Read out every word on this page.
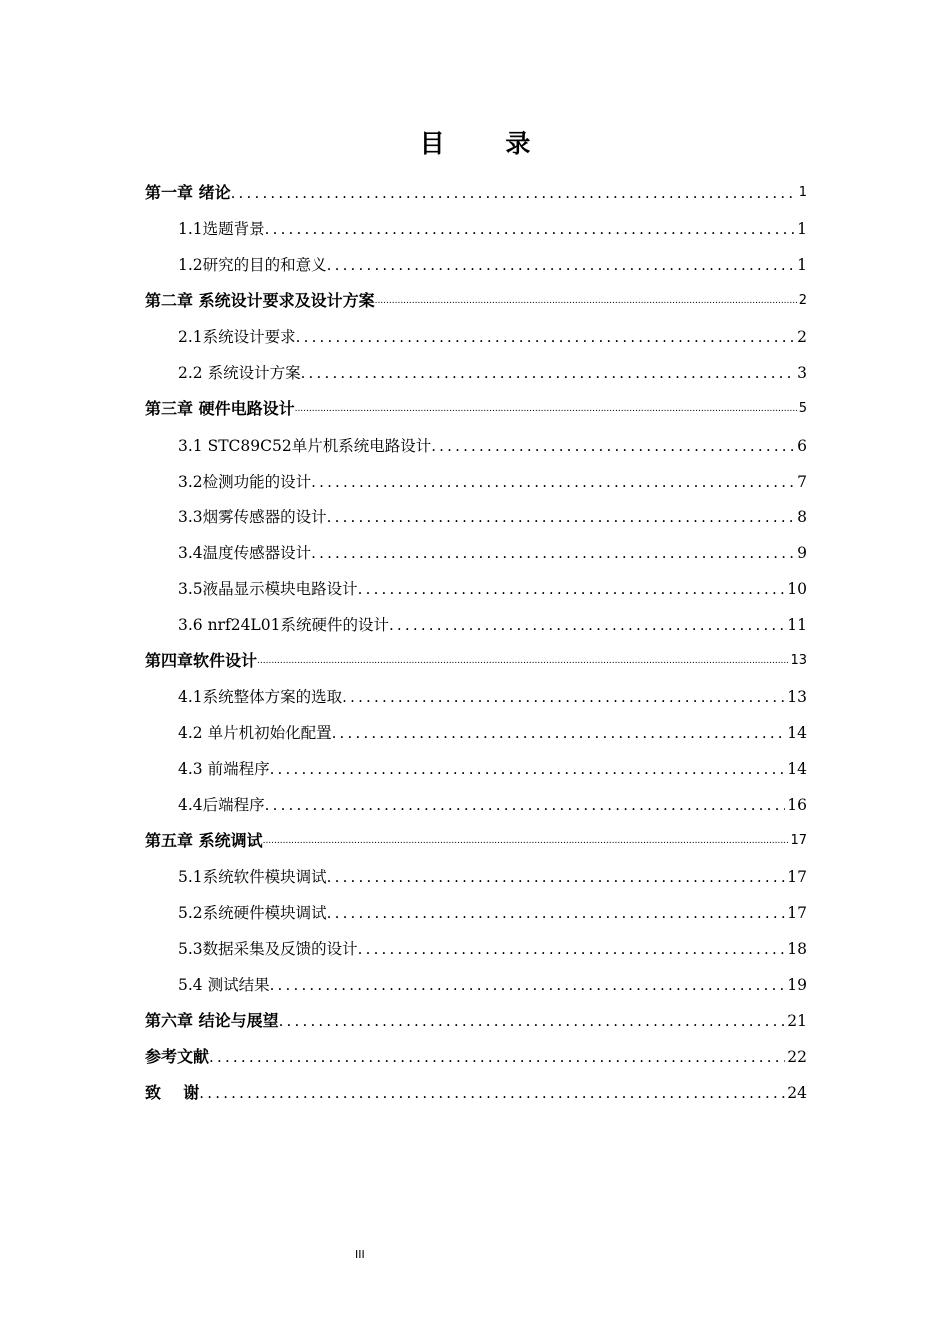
目 录
第一章 绪论 .....	1
1.1选题背景 .....	1
1.2研究的目的和意义 .....	1
第二章 系统设计要求及设计方案 .....	2
2.1系统设计要求 .....	2
2.2 系统设计方案 .....	3
第三章 硬件电路设计 .....	5
3.1 STC89C52单片机系统电路设计 .....	6
3.2检测功能的设计 .....	7
3.3烟雾传感器的设计 .....	8
3.4温度传感器设计 .....	9
3.5液晶显示模块电路设计 .....	10
3.6 nrf24L01系统硬件的设计 .....	11
第四章软件设计 .....	13
4.1系统整体方案的选取 .....	13
4.2 单片机初始化配置 .....	14
4.3 前端程序 .....	14
4.4后端程序 .....	16
第五章 系统调试 .....	17
5.1系统软件模块调试 .....	17
5.2系统硬件模块调试 .....	17
5.3数据采集及反馈的设计 .....	18
5.4 测试结果 .....	19
第六章 结论与展望 .....	21
参考文献 .....	22
致    谢 .....	24
III
